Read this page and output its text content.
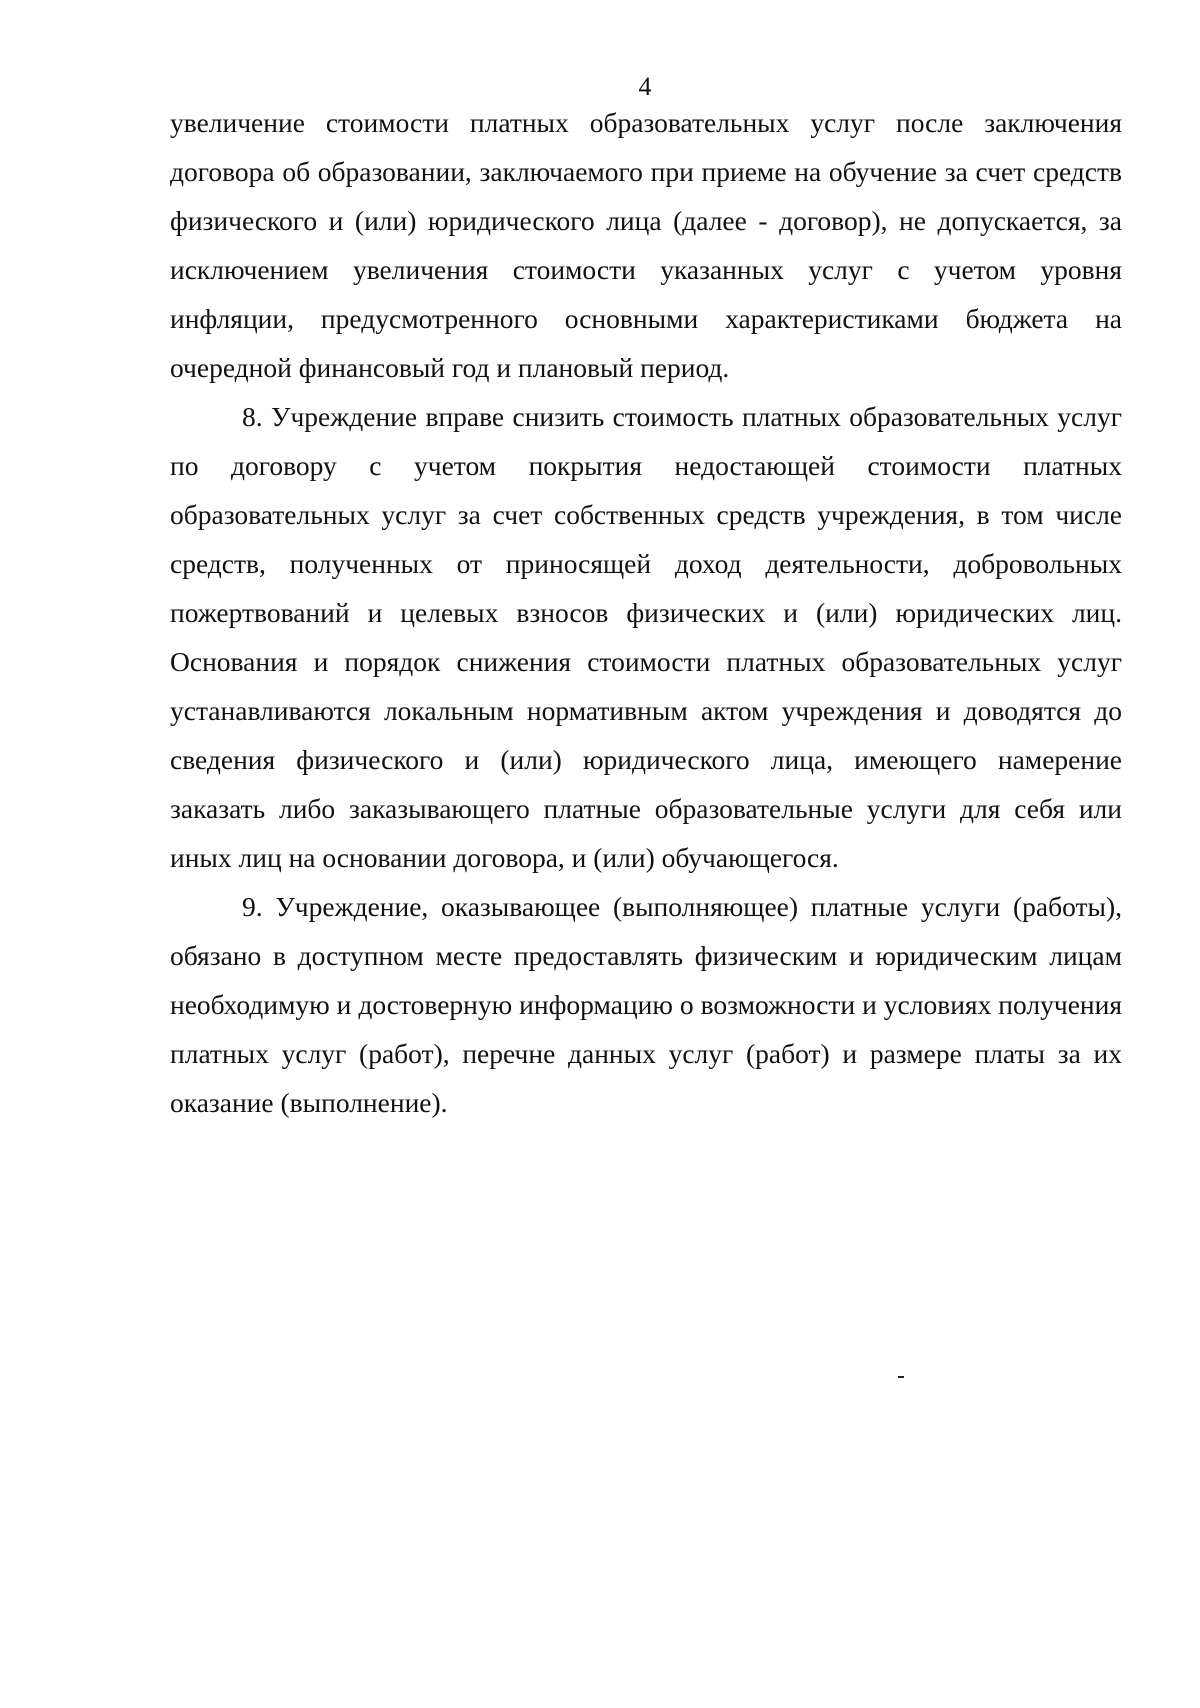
4

увеличение стоимости платных образовательных услуг после заключения договора об образовании, заключаемого при приеме на обучение за счет средств физического и (или) юридического лица (далее - договор), не допускается, за исключением увеличения стоимости указанных услуг с учетом уровня инфляции, предусмотренного основными характеристиками бюджета на очередной финансовый год и плановый период.

8. Учреждение вправе снизить стоимость платных образовательных услуг по договору с учетом покрытия недостающей стоимости платных образовательных услуг за счет собственных средств учреждения, в том числе средств, полученных от приносящей доход деятельности, добровольных пожертвований и целевых взносов физических и (или) юридических лиц. Основания и порядок снижения стоимости платных образовательных услуг устанавливаются локальным нормативным актом учреждения и доводятся до сведения физического и (или) юридического лица, имеющего намерение заказать либо заказывающего платные образовательные услуги для себя или иных лиц на основании договора, и (или) обучающегося.

9. Учреждение, оказывающее (выполняющее) платные услуги (работы), обязано в доступном месте предоставлять физическим и юридическим лицам необходимую и достоверную информацию о возможности и условиях получения платных услуг (работ), перечне данных услуг (работ) и размере платы за их оказание (выполнение).
